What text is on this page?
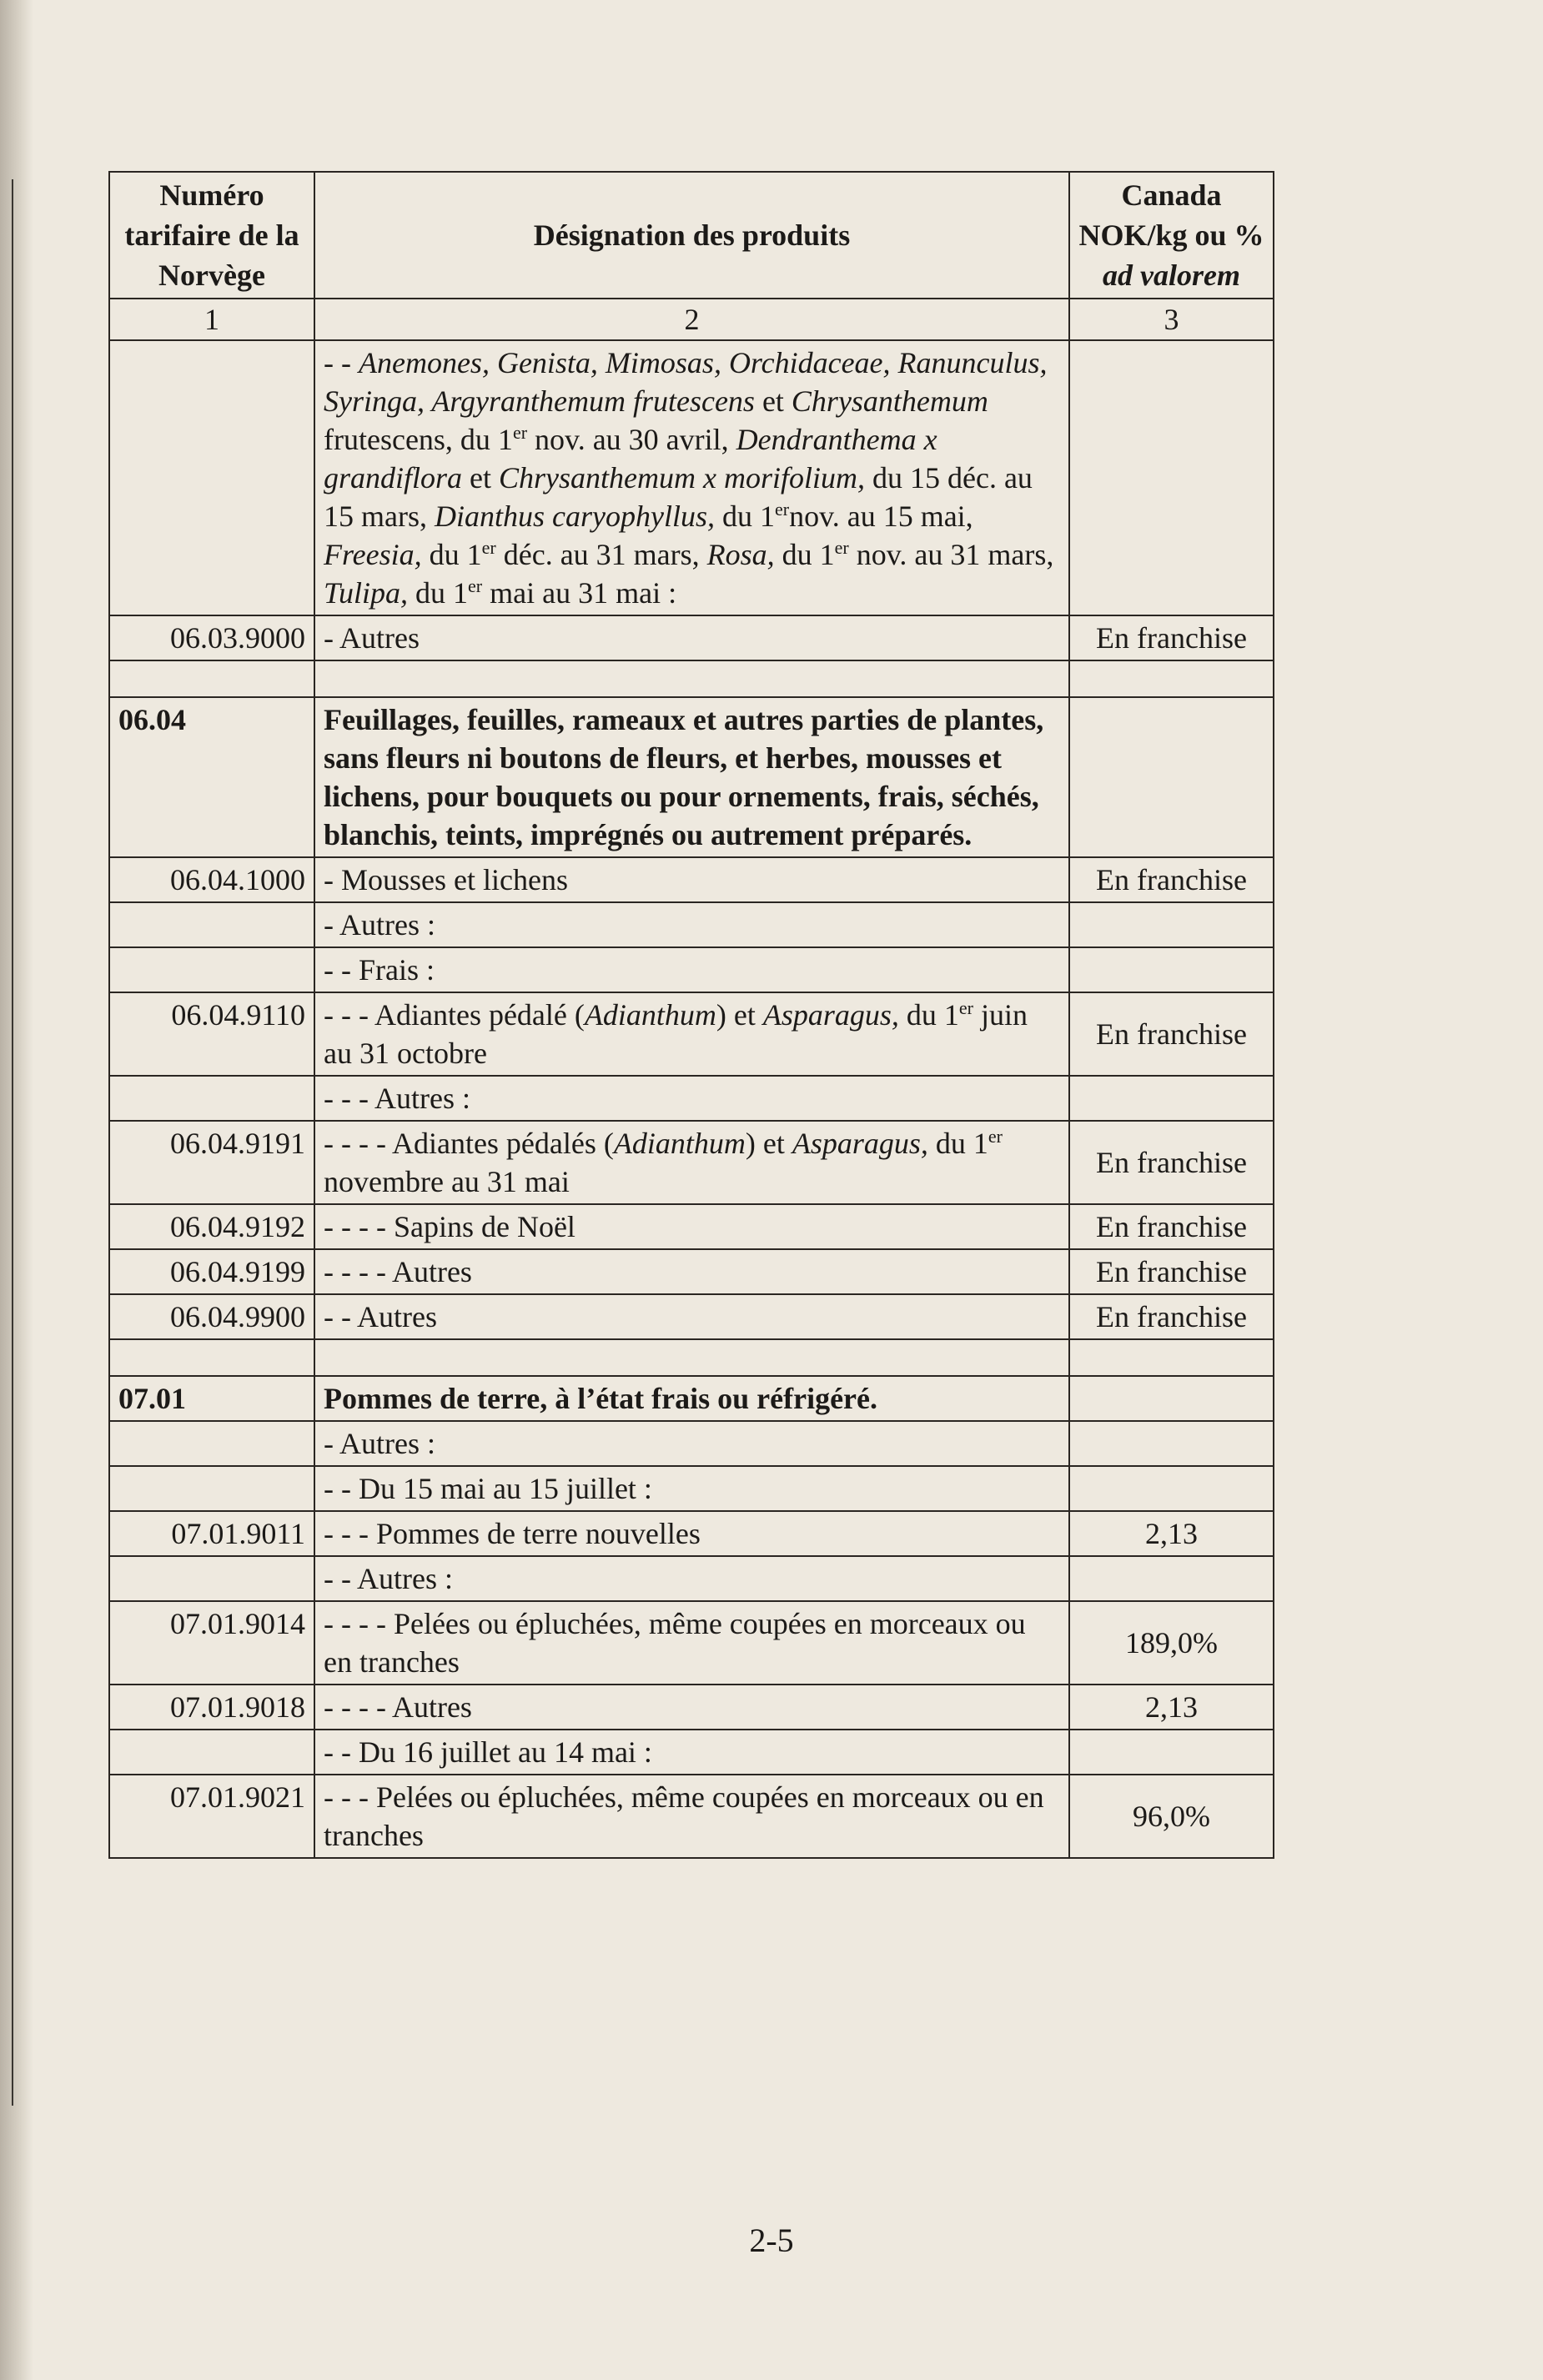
Numéro tarifaire de la Norvège	Désignation des produits	Canada NOK/kg ou %
ad valorem
1	2	3
	- - Anemones, Genista, Mimosas, Orchidaceae, Ranunculus, Syringa, Argyranthemum frutescens et Chrysanthemum frutescens, du 1er nov. au 30 avril, Dendranthema x grandiflora et Chrysanthemum x morifolium, du 15 déc. au 15 mars, Dianthus caryophyllus, du 1ernov. au 15 mai, Freesia, du 1er déc. au 31 mars, Rosa, du 1er nov. au 31 mars, Tulipa, du 1er mai au 31 mai :	
06.03.9000	- Autres	En franchise

06.04	Feuillages, feuilles, rameaux et autres parties de plantes, sans fleurs ni boutons de fleurs, et herbes, mousses et lichens, pour bouquets ou pour ornements, frais, séchés, blanchis, teints, imprégnés ou autrement préparés.	
06.04.1000	- Mousses et lichens	En franchise
	- Autres :	
	- - Frais :	
06.04.9110	- - - Adiantes pédalé (Adianthum) et Asparagus, du 1er juin au 31 octobre	En franchise
	- - - Autres :	
06.04.9191	- - - - Adiantes pédalés (Adianthum) et Asparagus, du 1er novembre au 31 mai	En franchise
06.04.9192	- - - - Sapins de Noël	En franchise
06.04.9199	- - - - Autres	En franchise
06.04.9900	- - Autres	En franchise

07.01	Pommes de terre, à l’état frais ou réfrigéré.	
	- Autres :	
	- - Du 15 mai au 15 juillet :	
07.01.9011	- - - Pommes de terre nouvelles	2,13
	- - Autres :	
07.01.9014	- - - - Pelées ou épluchées, même coupées en morceaux ou en tranches	189,0%
07.01.9018	- - - - Autres	2,13
	- - Du 16 juillet au 14 mai :	
07.01.9021	- - - Pelées ou épluchées, même coupées en morceaux ou en tranches	96,0%
2-5
